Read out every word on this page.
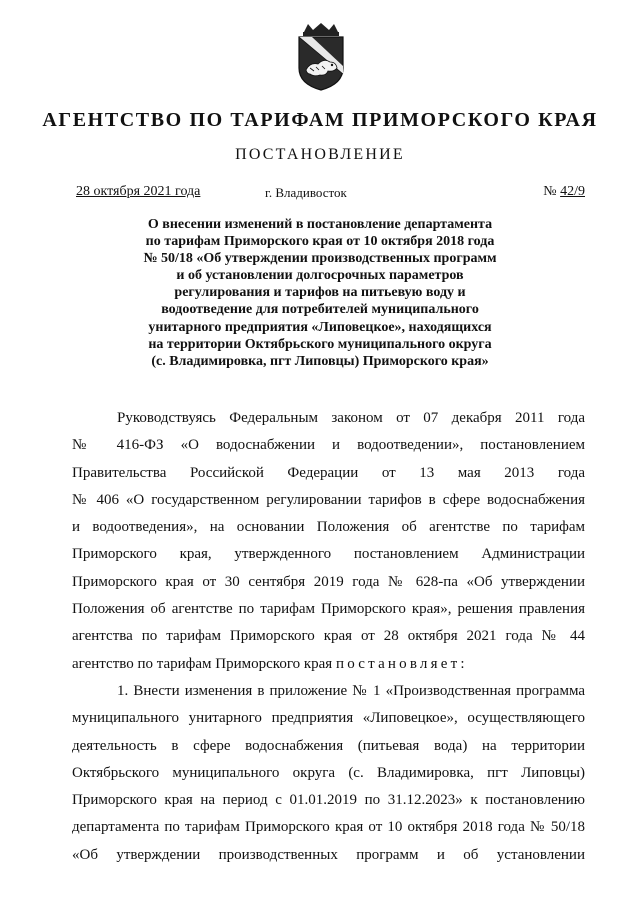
АГЕНТСТВО ПО ТАРИФАМ ПРИМОРСКОГО КРАЯ
ПОСТАНОВЛЕНИЕ
28 октября 2021 года	г. Владивосток	№ 42/9
О внесении изменений в постановление департамента
по тарифам Приморского края от 10 октября 2018 года
№ 50/18 «Об утверждении производственных программ
и об установлении долгосрочных параметров
регулирования и тарифов на питьевую воду и
водоотведение для потребителей муниципального
унитарного предприятия «Липовецкое», находящихся
на территории Октябрьского муниципального округа
(с. Владимировка, пгт Липовцы) Приморского края»

Руководствуясь Федеральным законом от 07 декабря 2011 года
№ 416-ФЗ «О водоснабжении и водоотведении», постановлением
Правительства Российской Федерации от 13 мая 2013 года
№ 406 «О государственном регулировании тарифов в сфере водоснабжения
и водоотведения», на основании Положения об агентстве по тарифам
Приморского края, утвержденного постановлением Администрации
Приморского края от 30 сентября 2019 года № 628-па «Об утверждении
Положения об агентстве по тарифам Приморского края», решения правления
агентства по тарифам Приморского края от 28 октября 2021 года № 44
агентство по тарифам Приморского края постановляет:

1. Внести изменения в приложение № 1 «Производственная программа
муниципального унитарного предприятия «Липовецкое», осуществляющего
деятельность в сфере водоснабжения (питьевая вода) на территории
Октябрьского муниципального округа (с. Владимировка, пгт Липовцы)
Приморского края на период с 01.01.2019 по 31.12.2023» к постановлению
департамента по тарифам Приморского края от 10 октября 2018 года № 50/18
«Об утверждении производственных программ и об установлении
